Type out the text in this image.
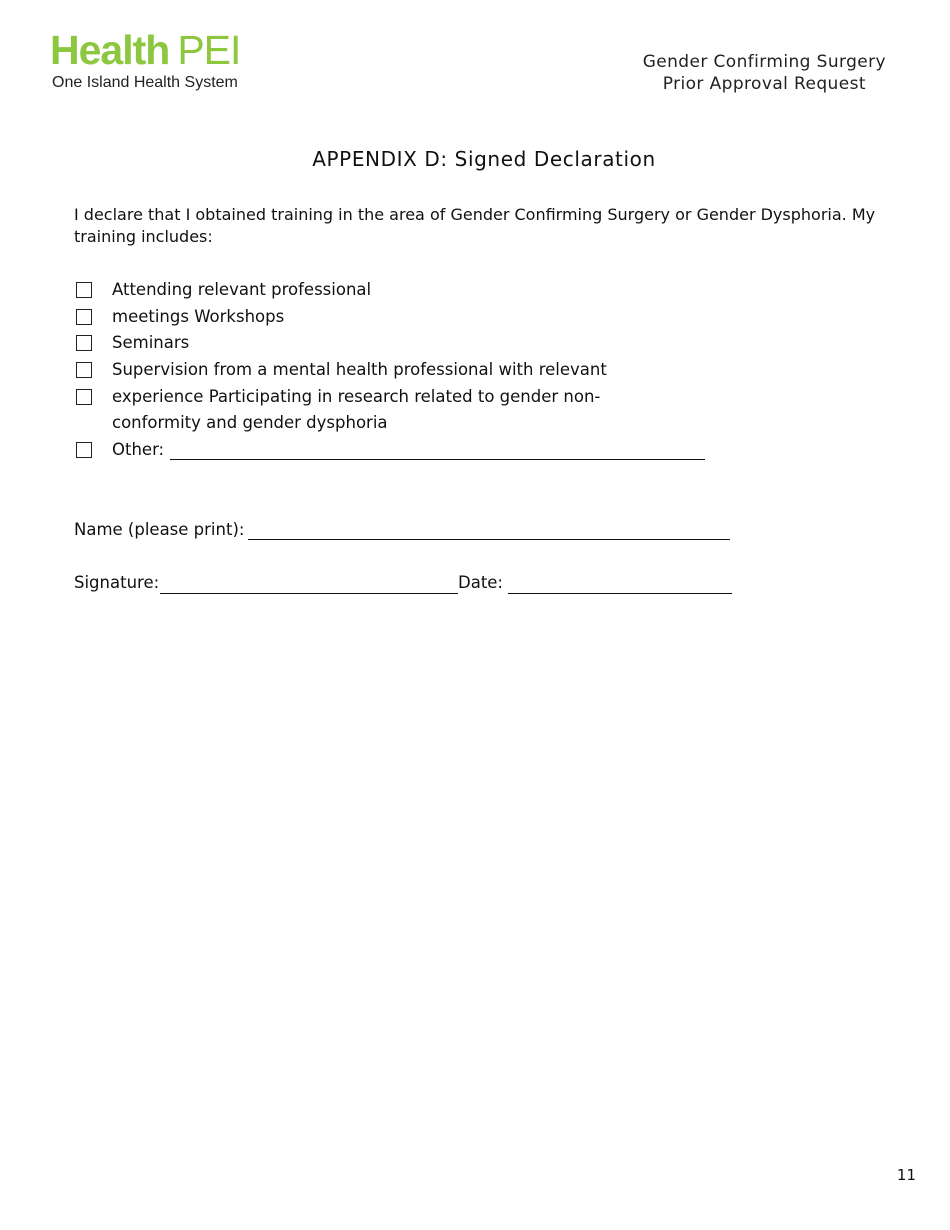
Health PEI
One Island Health System
Gender Confirming Surgery
Prior Approval Request
APPENDIX D: Signed Declaration
I declare that I obtained training in the area of Gender Confirming Surgery or Gender Dysphoria. My training includes:
Attending relevant professional
meetings Workshops
Seminars
Supervision from a mental health professional with relevant
experience Participating in research related to gender non-
conformity and gender dysphoria
Other:
Name (please print):
Signature:	Date:
11
